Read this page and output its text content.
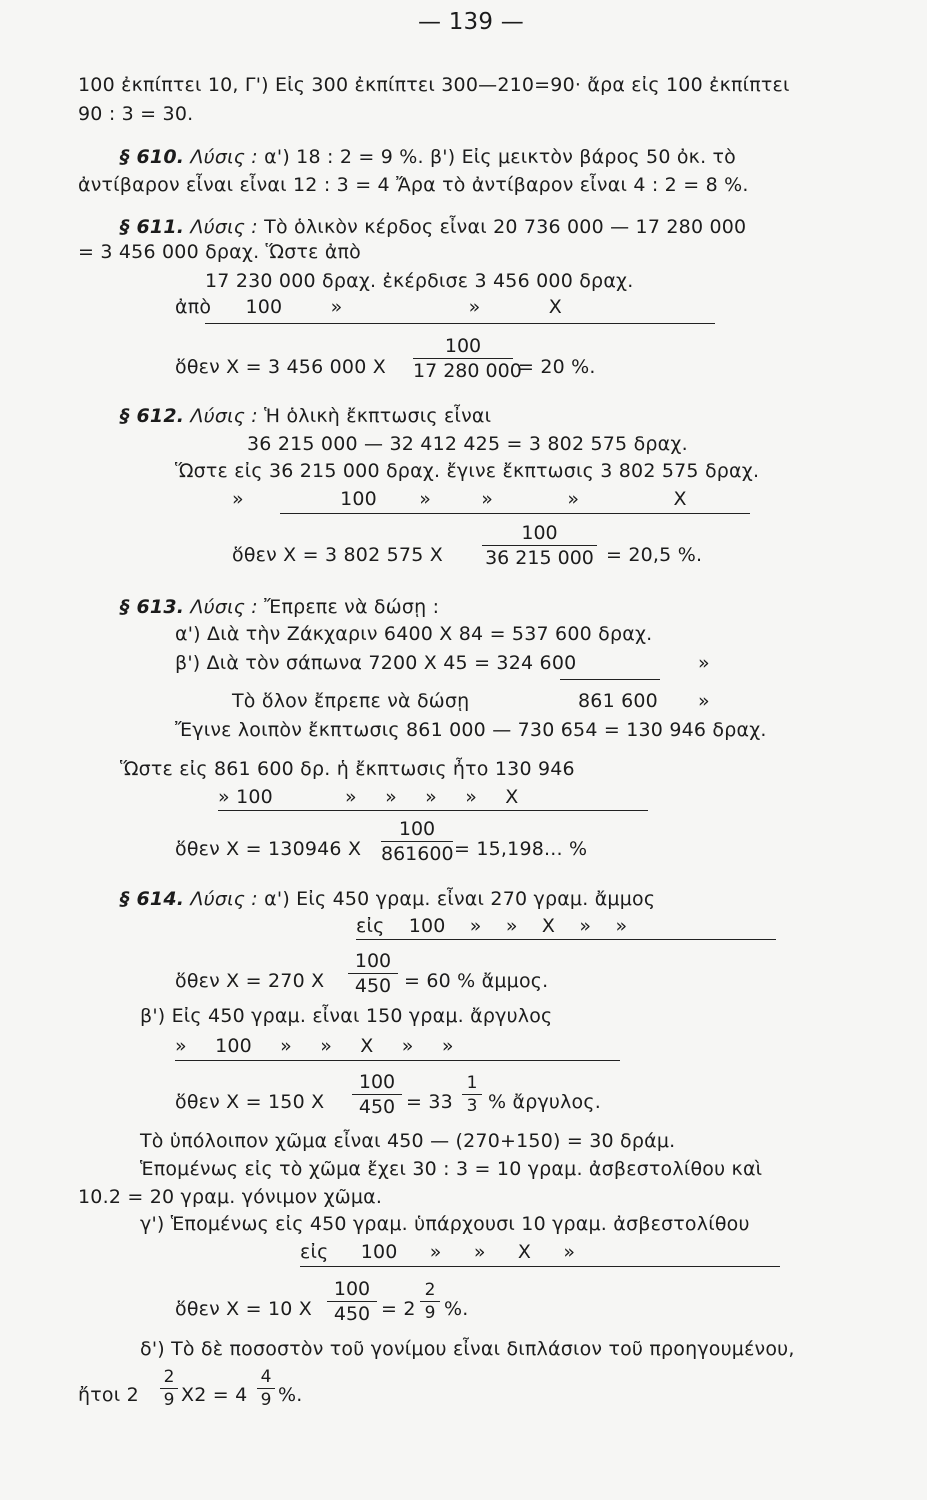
— 139 —
100 ἐκπίπτει 10, Γ') Εἰς 300 ἐκπίπτει 300—210=90· ἄρα εἰς 100 ἐκπίπτει
90 : 3 = 30.
§ 610. Λύσις : α') 18 : 2 = 9 %. β') Εἰς μεικτὸν βάρος 50 ὀκ. τὸ
ἀντίβαρον εἶναι εἶναι 12 : 3 = 4 Ἄρα τὸ ἀντίβαρον εἶναι 4 : 2 = 8 %.
§ 611. Λύσις : Τὸ ὁλικὸν κέρδος εἶναι 20 736 000 — 17 280 000
= 3 456 000 δραχ. Ὥστε ἀπὸ
17 230 000 δραχ. ἐκέρδισε 3 456 000 δραχ.
ἀπὸ 100	»	»	X
ὅθεν X = 3 456 000 X
100
17 280 000
= 20 %.
§ 612. Λύσις : Ἡ ὁλικὴ ἔκπτωσις εἶναι
36 215 000 — 32 412 425 = 3 802 575 δραχ.
Ὥστε εἰς 36 215 000 δραχ. ἔγινε ἔκπτωσις 3 802 575 δραχ.
»	100 »	»	»	X
ὅθεν X = 3 802 575 X
100
36 215 000 = 20,5 %.
§ 613. Λύσις : Ἔπρεπε νὰ δώσῃ :
α') Διὰ τὴν Ζάκχαριν 6400 X 84 = 537 600 δραχ.
β') Διὰ τὸν σάπωνα 7200 X 45 = 324 600	»
Τὸ ὅλον ἔπρεπε νὰ δώσῃ	861 600 »
Ἔγινε λοιπὸν ἔκπτωσις 861 000 — 730 654 = 130 946 δραχ.
Ὥστε εἰς 861 600 δρ. ἡ ἔκπτωσις ἦτο 130 946
» 100	» » » » X
ὅθεν X = 130946 X
100
861600 = 15,198... %
§ 614. Λύσις : α') Εἰς 450 γραμ. εἶναι 270 γραμ. ἄμμος
εἰς 100 » » X » »
ὅθεν X = 270 X
100
450 = 60 % ἄμμος.
β') Εἰς 450 γραμ. εἶναι 150 γραμ. ἄργυλος
» 100 » » X » »
ὅθεν X = 150 X
100
450 = 33
1
3 % ἄργυλος.
Τὸ ὑπόλοιπον χῶμα εἶναι 450 — (270+150) = 30 δράμ.
Ἑπομένως εἰς τὸ χῶμα ἔχει 30 : 3 = 10 γραμ. ἀσβεστολίθου καὶ
10.2 = 20 γραμ. γόνιμον χῶμα.
γ') Ἑπομένως εἰς 450 γραμ. ὑπάρχουσι 10 γραμ. ἀσβεστολίθου
εἰς 100 » » X »
ὅθεν X = 10 X
100
450 = 2
2
9 %.
δ') Τὸ δὲ ποσοστὸν τοῦ γονίμου εἶναι διπλάσιον τοῦ προηγουμένου,
ἤτοι 2
2
9 X2 = 4
4
9 %.
